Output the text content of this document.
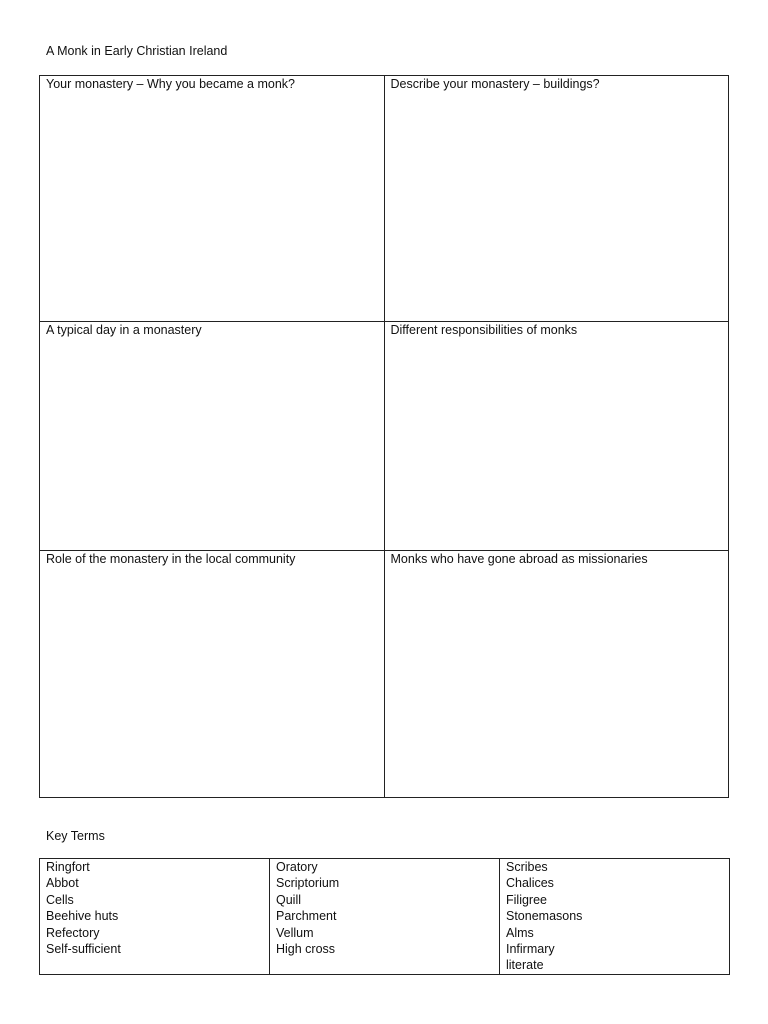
A Monk in Early Christian Ireland
Your monastery – Why you became a monk?	Describe your monastery – buildings?

A typical day in a monastery	Different responsibilities of monks

Role of the monastery in the local community	Monks who have gone abroad as missionaries
Key Terms
Ringfort
Abbot
Cells
Beehive huts
Refectory
Self-sufficient

Oratory
Scriptorium
Quill
Parchment
Vellum
High cross

Scribes
Chalices
Filigree
Stonemasons
Alms
Infirmary
literate
